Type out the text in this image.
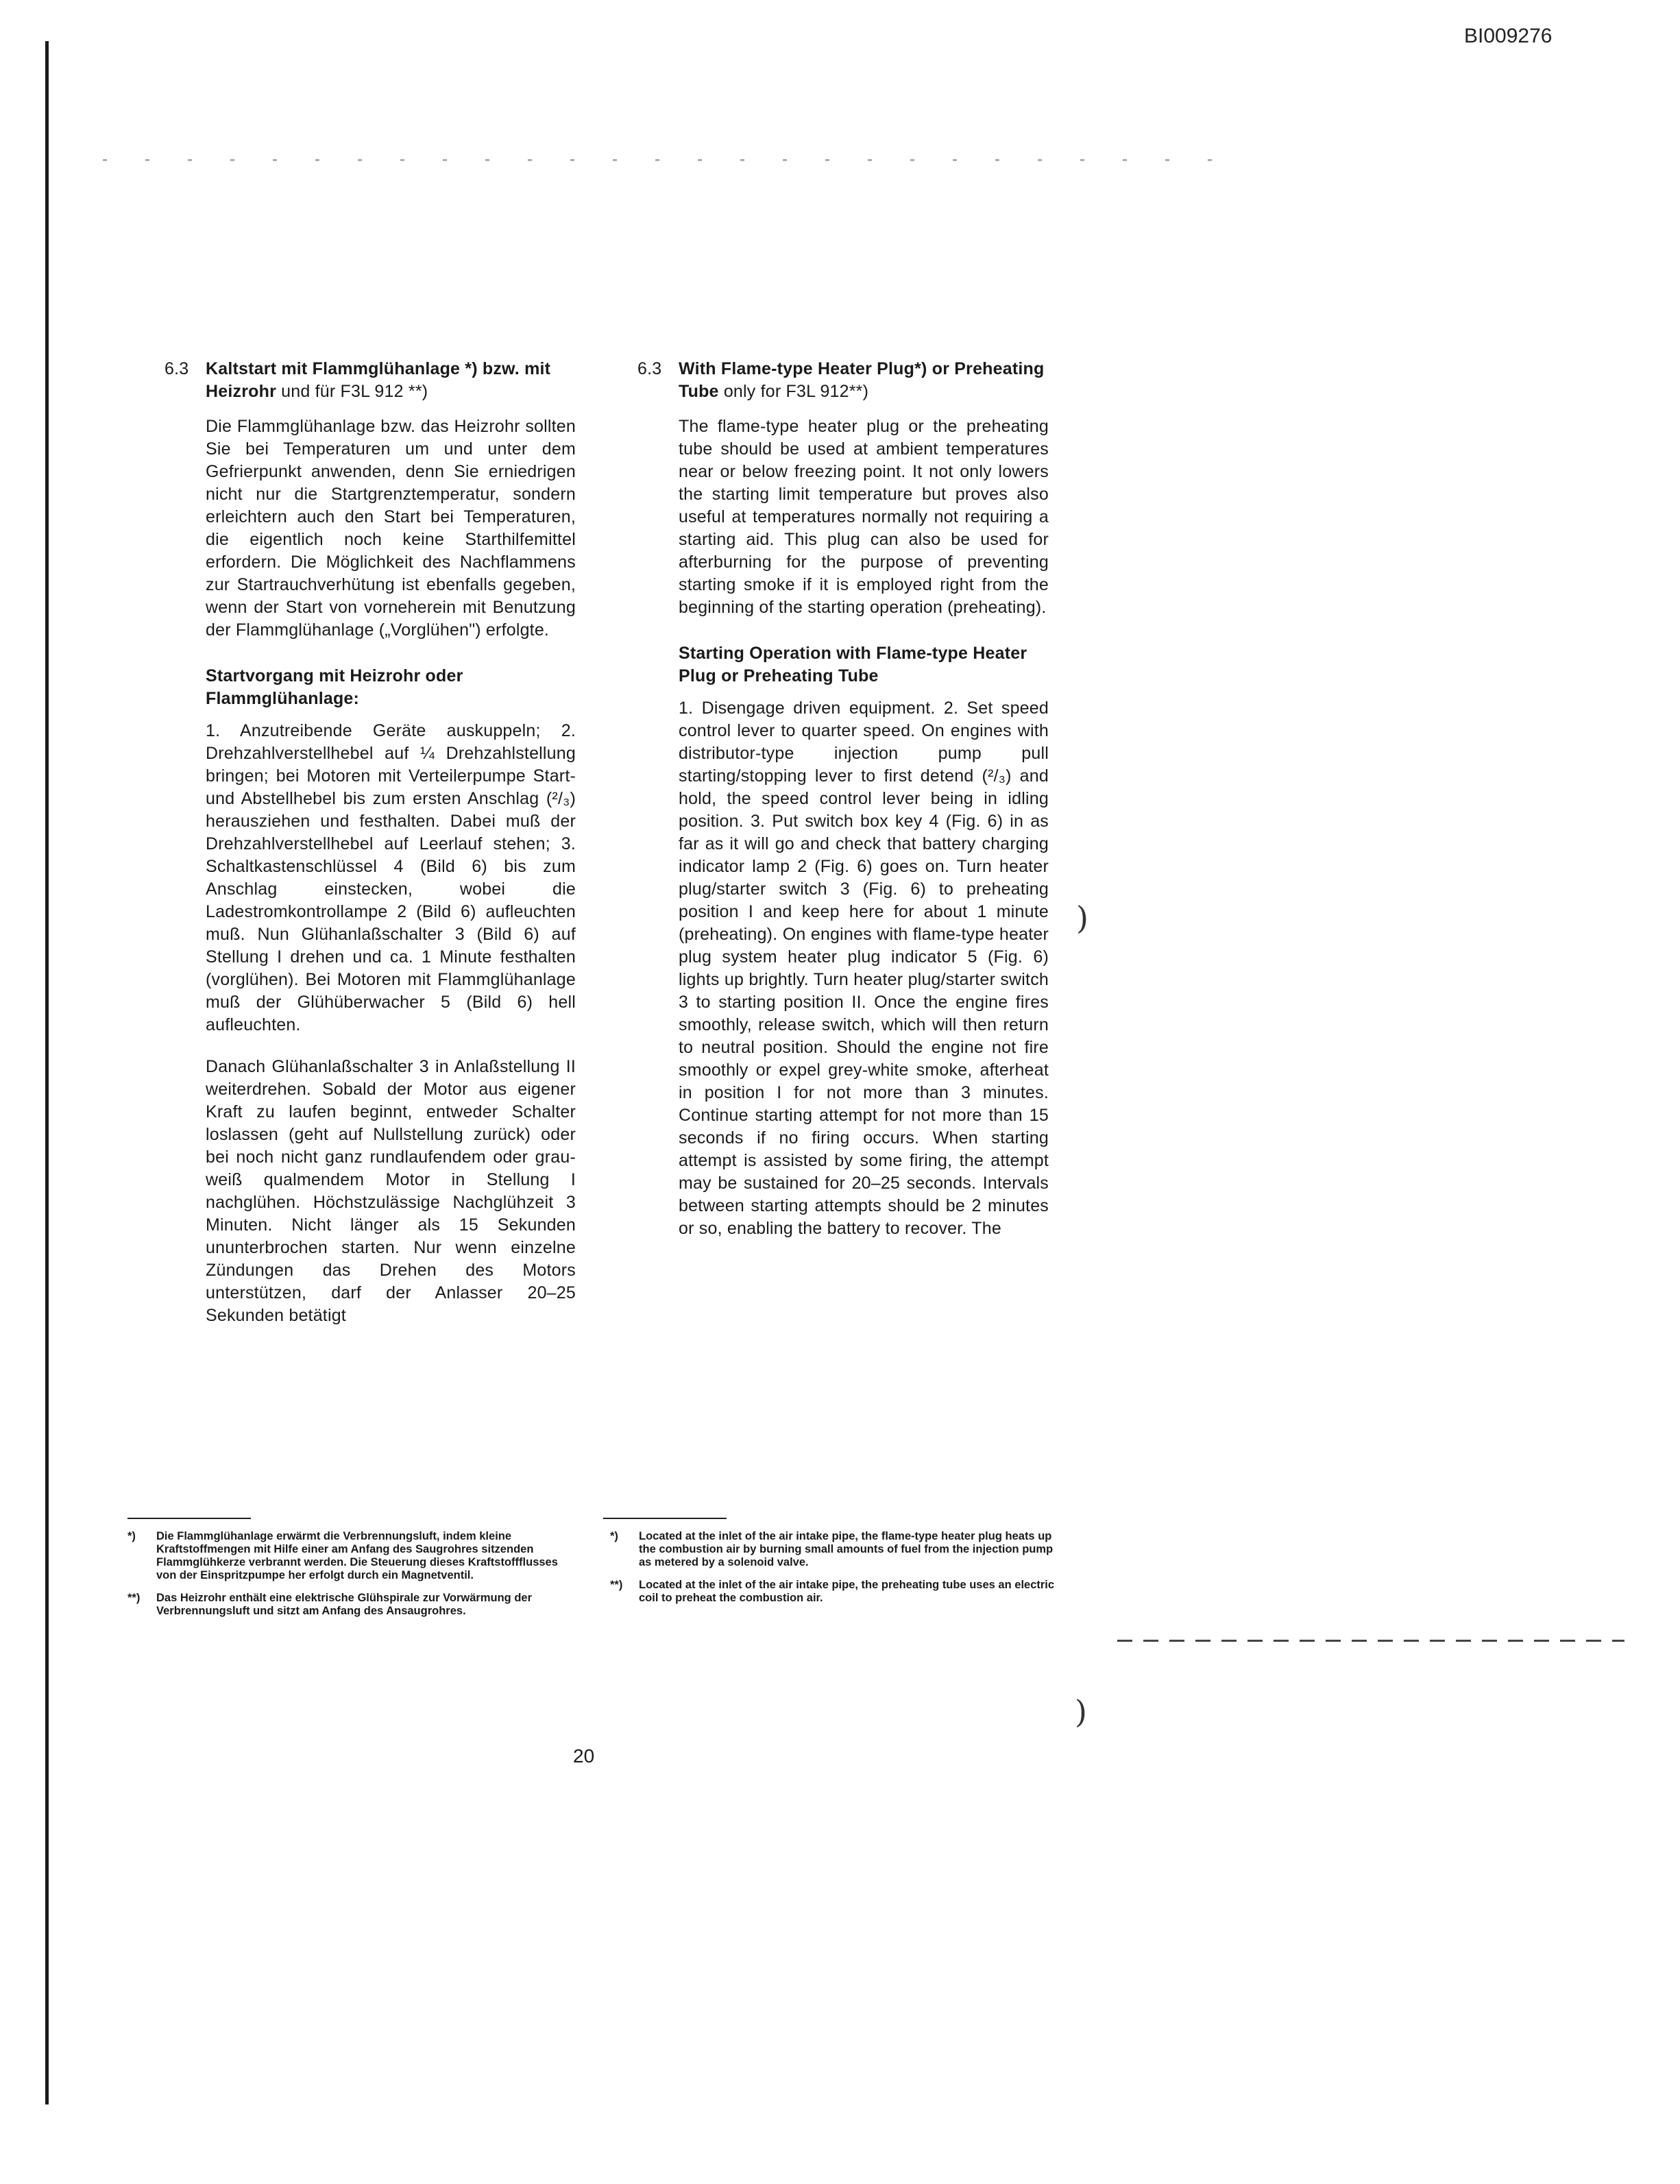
BI009276
)
)
6.3 Kaltstart mit Flammglühanlage *) bzw. mit Heizrohr und für F3L 912 **)

Die Flammglühanlage bzw. das Heizrohr sollten Sie bei Temperaturen um und unter dem Gefrierpunkt anwenden, denn Sie erniedrigen nicht nur die Startgrenztemperatur, sondern erleichtern auch den Start bei Temperaturen, die eigentlich noch keine Starthilfemittel erfordern. Die Möglichkeit des Nachflammens zur Startrauchverhütung ist ebenfalls gegeben, wenn der Start von vorneherein mit Benutzung der Flammglühanlage („Vorglühen") erfolgte.

Startvorgang mit Heizrohr oder Flammglühanlage:

1. Anzutreibende Geräte auskuppeln; 2. Drehzahlverstellhebel auf ¼ Drehzahlstellung bringen; bei Motoren mit Verteilerpumpe Start- und Abstellhebel bis zum ersten Anschlag (²/₃) herausziehen und festhalten. Dabei muß der Drehzahlverstellhebel auf Leerlauf stehen; 3. Schaltkastenschlüssel 4 (Bild 6) bis zum Anschlag einstecken, wobei die Ladestromkontrollampe 2 (Bild 6) aufleuchten muß. Nun Glühanlaßschalter 3 (Bild 6) auf Stellung I drehen und ca. 1 Minute festhalten (vorglühen). Bei Motoren mit Flammglühanlage muß der Glühüberwacher 5 (Bild 6) hell aufleuchten.

Danach Glühanlaßschalter 3 in Anlaßstellung II weiterdrehen. Sobald der Motor aus eigener Kraft zu laufen beginnt, entweder Schalter loslassen (geht auf Nullstellung zurück) oder bei noch nicht ganz rundlaufendem oder grau-weiß qualmendem Motor in Stellung I nachglühen. Höchstzulässige Nachglühzeit 3 Minuten. Nicht länger als 15 Sekunden ununterbrochen starten. Nur wenn einzelne Zündungen das Drehen des Motors unterstützen, darf der Anlasser 20–25 Sekunden betätigt

6.3 With Flame-type Heater Plug*) or Preheating Tube only for F3L 912**)

The flame-type heater plug or the preheating tube should be used at ambient temperatures near or below freezing point. It not only lowers the starting limit temperature but proves also useful at temperatures normally not requiring a starting aid. This plug can also be used for afterburning for the purpose of preventing starting smoke if it is employed right from the beginning of the starting operation (preheating).

Starting Operation with Flame-type Heater Plug or Preheating Tube

1. Disengage driven equipment. 2. Set speed control lever to quarter speed. On engines with distributor-type injection pump pull starting/stopping lever to first detend (²/₃) and hold, the speed control lever being in idling position. 3. Put switch box key 4 (Fig. 6) in as far as it will go and check that battery charging indicator lamp 2 (Fig. 6) goes on. Turn heater plug/starter switch 3 (Fig. 6) to preheating position I and keep here for about 1 minute (preheating). On engines with flame-type heater plug system heater plug indicator 5 (Fig. 6) lights up brightly. Turn heater plug/starter switch 3 to starting position II. Once the engine fires smoothly, release switch, which will then return to neutral position. Should the engine not fire smoothly or expel grey-white smoke, afterheat in position I for not more than 3 minutes. Continue starting attempt for not more than 15 seconds if no firing occurs. When starting attempt is assisted by some firing, the attempt may be sustained for 20–25 seconds. Intervals between starting attempts should be 2 minutes or so, enabling the battery to recover. The

*) Die Flammglühanlage erwärmt die Verbrennungsluft, indem kleine Kraftstoffmengen mit Hilfe einer am Anfang des Saugrohres sitzenden Flammglühkerze verbrannt werden. Die Steuerung dieses Kraftstoffflusses von der Einspritzpumpe her erfolgt durch ein Magnetventil.
**) Das Heizrohr enthält eine elektrische Glühspirale zur Vorwärmung der Verbrennungsluft und sitzt am Anfang des Ansaugrohres.
*) Located at the inlet of the air intake pipe, the flame-type heater plug heats up the combustion air by burning small amounts of fuel from the injection pump as metered by a solenoid valve.
**) Located at the inlet of the air intake pipe, the preheating tube uses an electric coil to preheat the combustion air.
20
